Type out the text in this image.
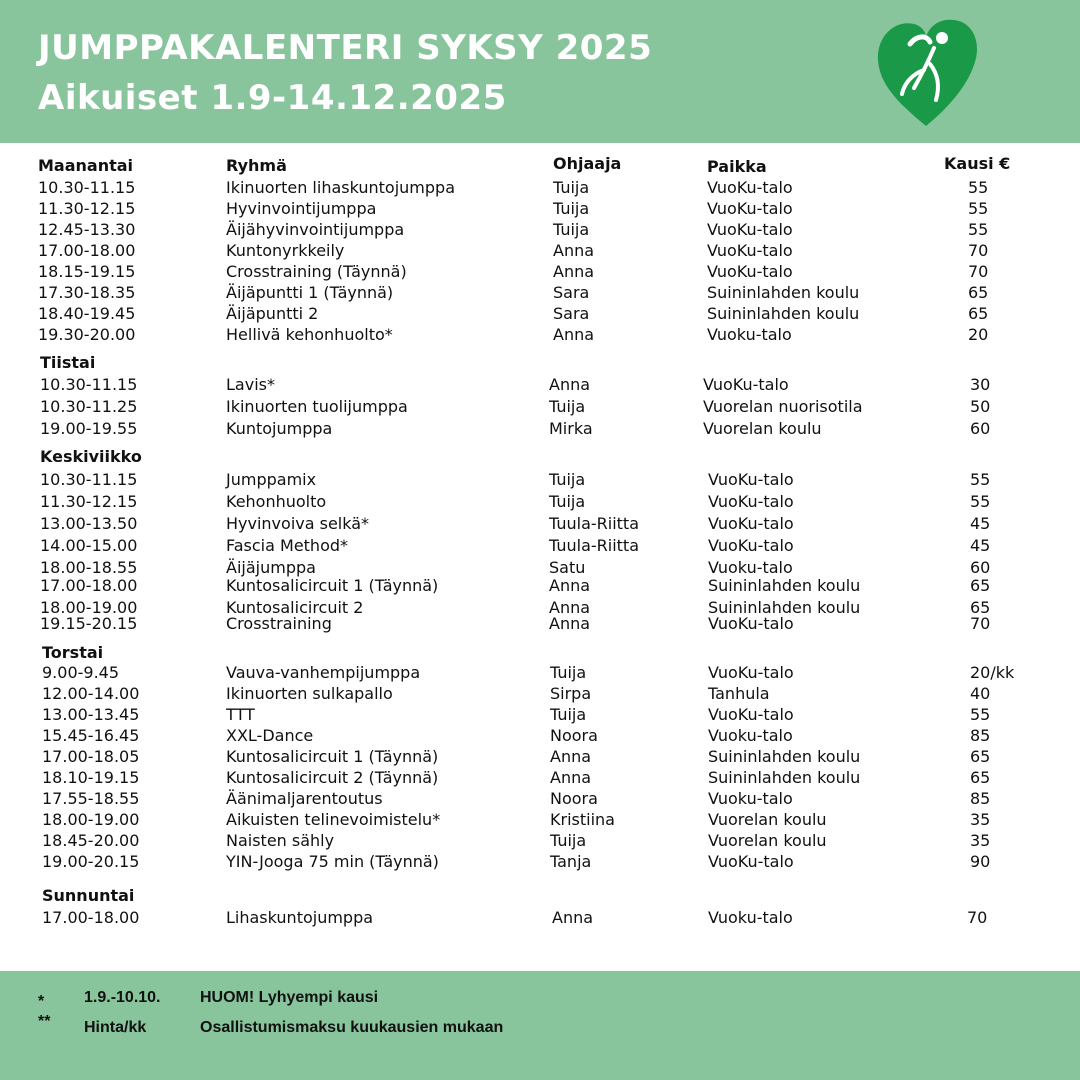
JUMPPAKALENTERI SYKSY 2025
Aikuiset 1.9-14.12.2025
Maanantai	Ryhmä	Ohjaaja	Paikka	Kausi €
10.30-11.15	Ikinuorten lihaskuntojumppa	Tuija	VuoKu-talo	55
11.30-12.15	Hyvinvointijumppa	Tuija	VuoKu-talo	55
12.45-13.30	Äijähyvinvointijumppa	Tuija	VuoKu-talo	55
17.00-18.00	Kuntonyrkkeily	Anna	VuoKu-talo	70
18.15-19.15	Crosstraining (Täynnä)	Anna	VuoKu-talo	70
17.30-18.35	Äijäpuntti 1 (Täynnä)	Sara	Suininlahden koulu	65
18.40-19.45	Äijäpuntti 2	Sara	Suininlahden koulu	65
19.30-20.00	Hellivä kehonhuolto*	Anna	Vuoku-talo	20
Tiistai
10.30-11.15	Lavis*	Anna	VuoKu-talo	30
10.30-11.25	Ikinuorten tuolijumppa	Tuija	Vuorelan nuorisotila	50
19.00-19.55	Kuntojumppa	Mirka	Vuorelan koulu	60
Keskiviikko
10.30-11.15	Jumppamix	Tuija	VuoKu-talo	55
11.30-12.15	Kehonhuolto	Tuija	VuoKu-talo	55
13.00-13.50	Hyvinvoiva selkä*	Tuula-Riitta	VuoKu-talo	45
14.00-15.00	Fascia Method*	Tuula-Riitta	VuoKu-talo	45
18.00-18.55	Äijäjumppa	Satu	Vuoku-talo	60
17.00-18.00	Kuntosalicircuit 1 (Täynnä)	Anna	Suininlahden koulu	65
18.00-19.00	Kuntosalicircuit 2	Anna	Suininlahden koulu	65
19.15-20.15	Crosstraining	Anna	VuoKu-talo	70
Torstai
9.00-9.45	Vauva-vanhempijumppa	Tuija	VuoKu-talo	20/kk
12.00-14.00	Ikinuorten sulkapallo	Sirpa	Tanhula	40
13.00-13.45	TTT	Tuija	VuoKu-talo	55
15.45-16.45	XXL-Dance	Noora	Vuoku-talo	85
17.00-18.05	Kuntosalicircuit 1 (Täynnä)	Anna	Suininlahden koulu	65
18.10-19.15	Kuntosalicircuit 2 (Täynnä)	Anna	Suininlahden koulu	65
17.55-18.55	Äänimaljarentoutus	Noora	Vuoku-talo	85
18.00-19.00	Aikuisten telinevoimistelu*	Kristiina	Vuorelan koulu	35
18.45-20.00	Naisten sähly	Tuija	Vuorelan koulu	35
19.00-20.15	YIN-Jooga 75 min (Täynnä)	Tanja	VuoKu-talo	90
Sunnuntai
17.00-18.00	Lihaskuntojumppa	Anna	Vuoku-talo	70
* 1.9.-10.10. HUOM! Lyhyempi kausi
** Hinta/kk	Osallistumismaksu kuukausien mukaan
